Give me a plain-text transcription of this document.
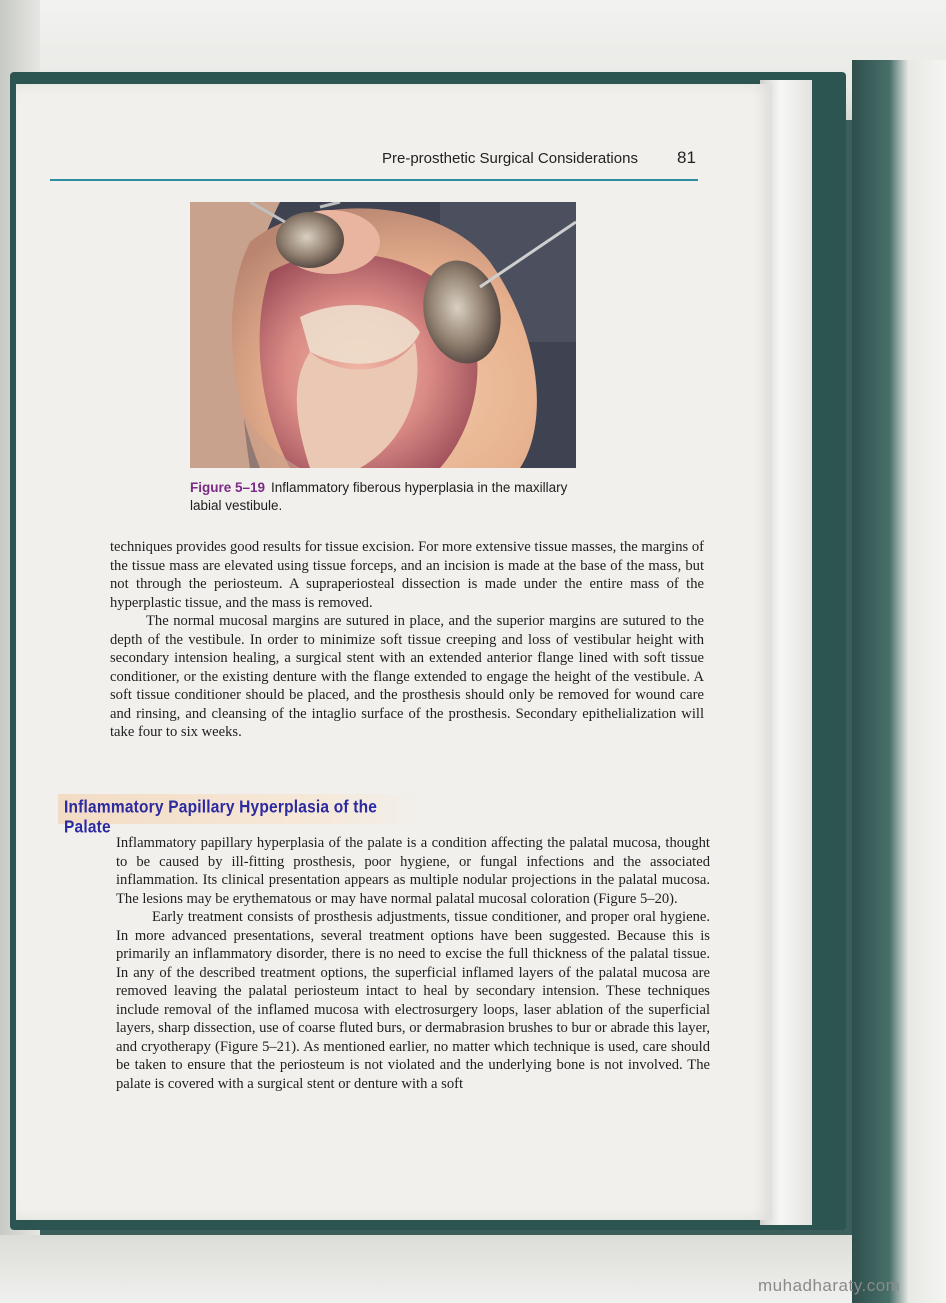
Pre-prosthetic Surgical Considerations 81
Figure 5–19 Inflammatory fiberous hyperplasia in the maxillary labial vestibule.

techniques provides good results for tissue excision. For more extensive tissue masses, the margins of the tissue mass are elevated using tissue forceps, and an incision is made at the base of the mass, but not through the periosteum. A supraperiosteal dissection is made under the entire mass of the hyperplastic tissue, and the mass is removed.

The normal mucosal margins are sutured in place, and the superior margins are sutured to the depth of the vestibule. In order to minimize soft tissue creeping and loss of vestibular height with secondary intension healing, a surgical stent with an extended anterior flange lined with soft tissue conditioner, or the existing denture with the flange extended to engage the height of the vestibule. A soft tissue conditioner should be placed, and the prosthesis should only be removed for wound care and rinsing, and cleansing of the intaglio surface of the prosthesis. Secondary epithelialization will take four to six weeks.

Inflammatory Papillary Hyperplasia of the Palate

Inflammatory papillary hyperplasia of the palate is a condition affecting the palatal mucosa, thought to be caused by ill-fitting prosthesis, poor hygiene, or fungal infections and the associated inflammation. Its clinical presentation appears as multiple nodular projections in the palatal mucosa. The lesions may be erythematous or may have normal palatal mucosal coloration (Figure 5–20).

Early treatment consists of prosthesis adjustments, tissue conditioner, and proper oral hygiene. In more advanced presentations, several treatment options have been suggested. Because this is primarily an inflammatory disorder, there is no need to excise the full thickness of the palatal tissue. In any of the described treatment options, the superficial inflamed layers of the palatal mucosa are removed leaving the palatal periosteum intact to heal by secondary intension. These techniques include removal of the inflamed mucosa with electrosurgery loops, laser ablation of the superficial layers, sharp dissection, use of coarse fluted burs, or dermabrasion brushes to bur or abrade this layer, and cryotherapy (Figure 5–21). As mentioned earlier, no matter which technique is used, care should be taken to ensure that the periosteum is not violated and the underlying bone is not involved. The palate is covered with a surgical stent or denture with a soft

muhadharaty.com
